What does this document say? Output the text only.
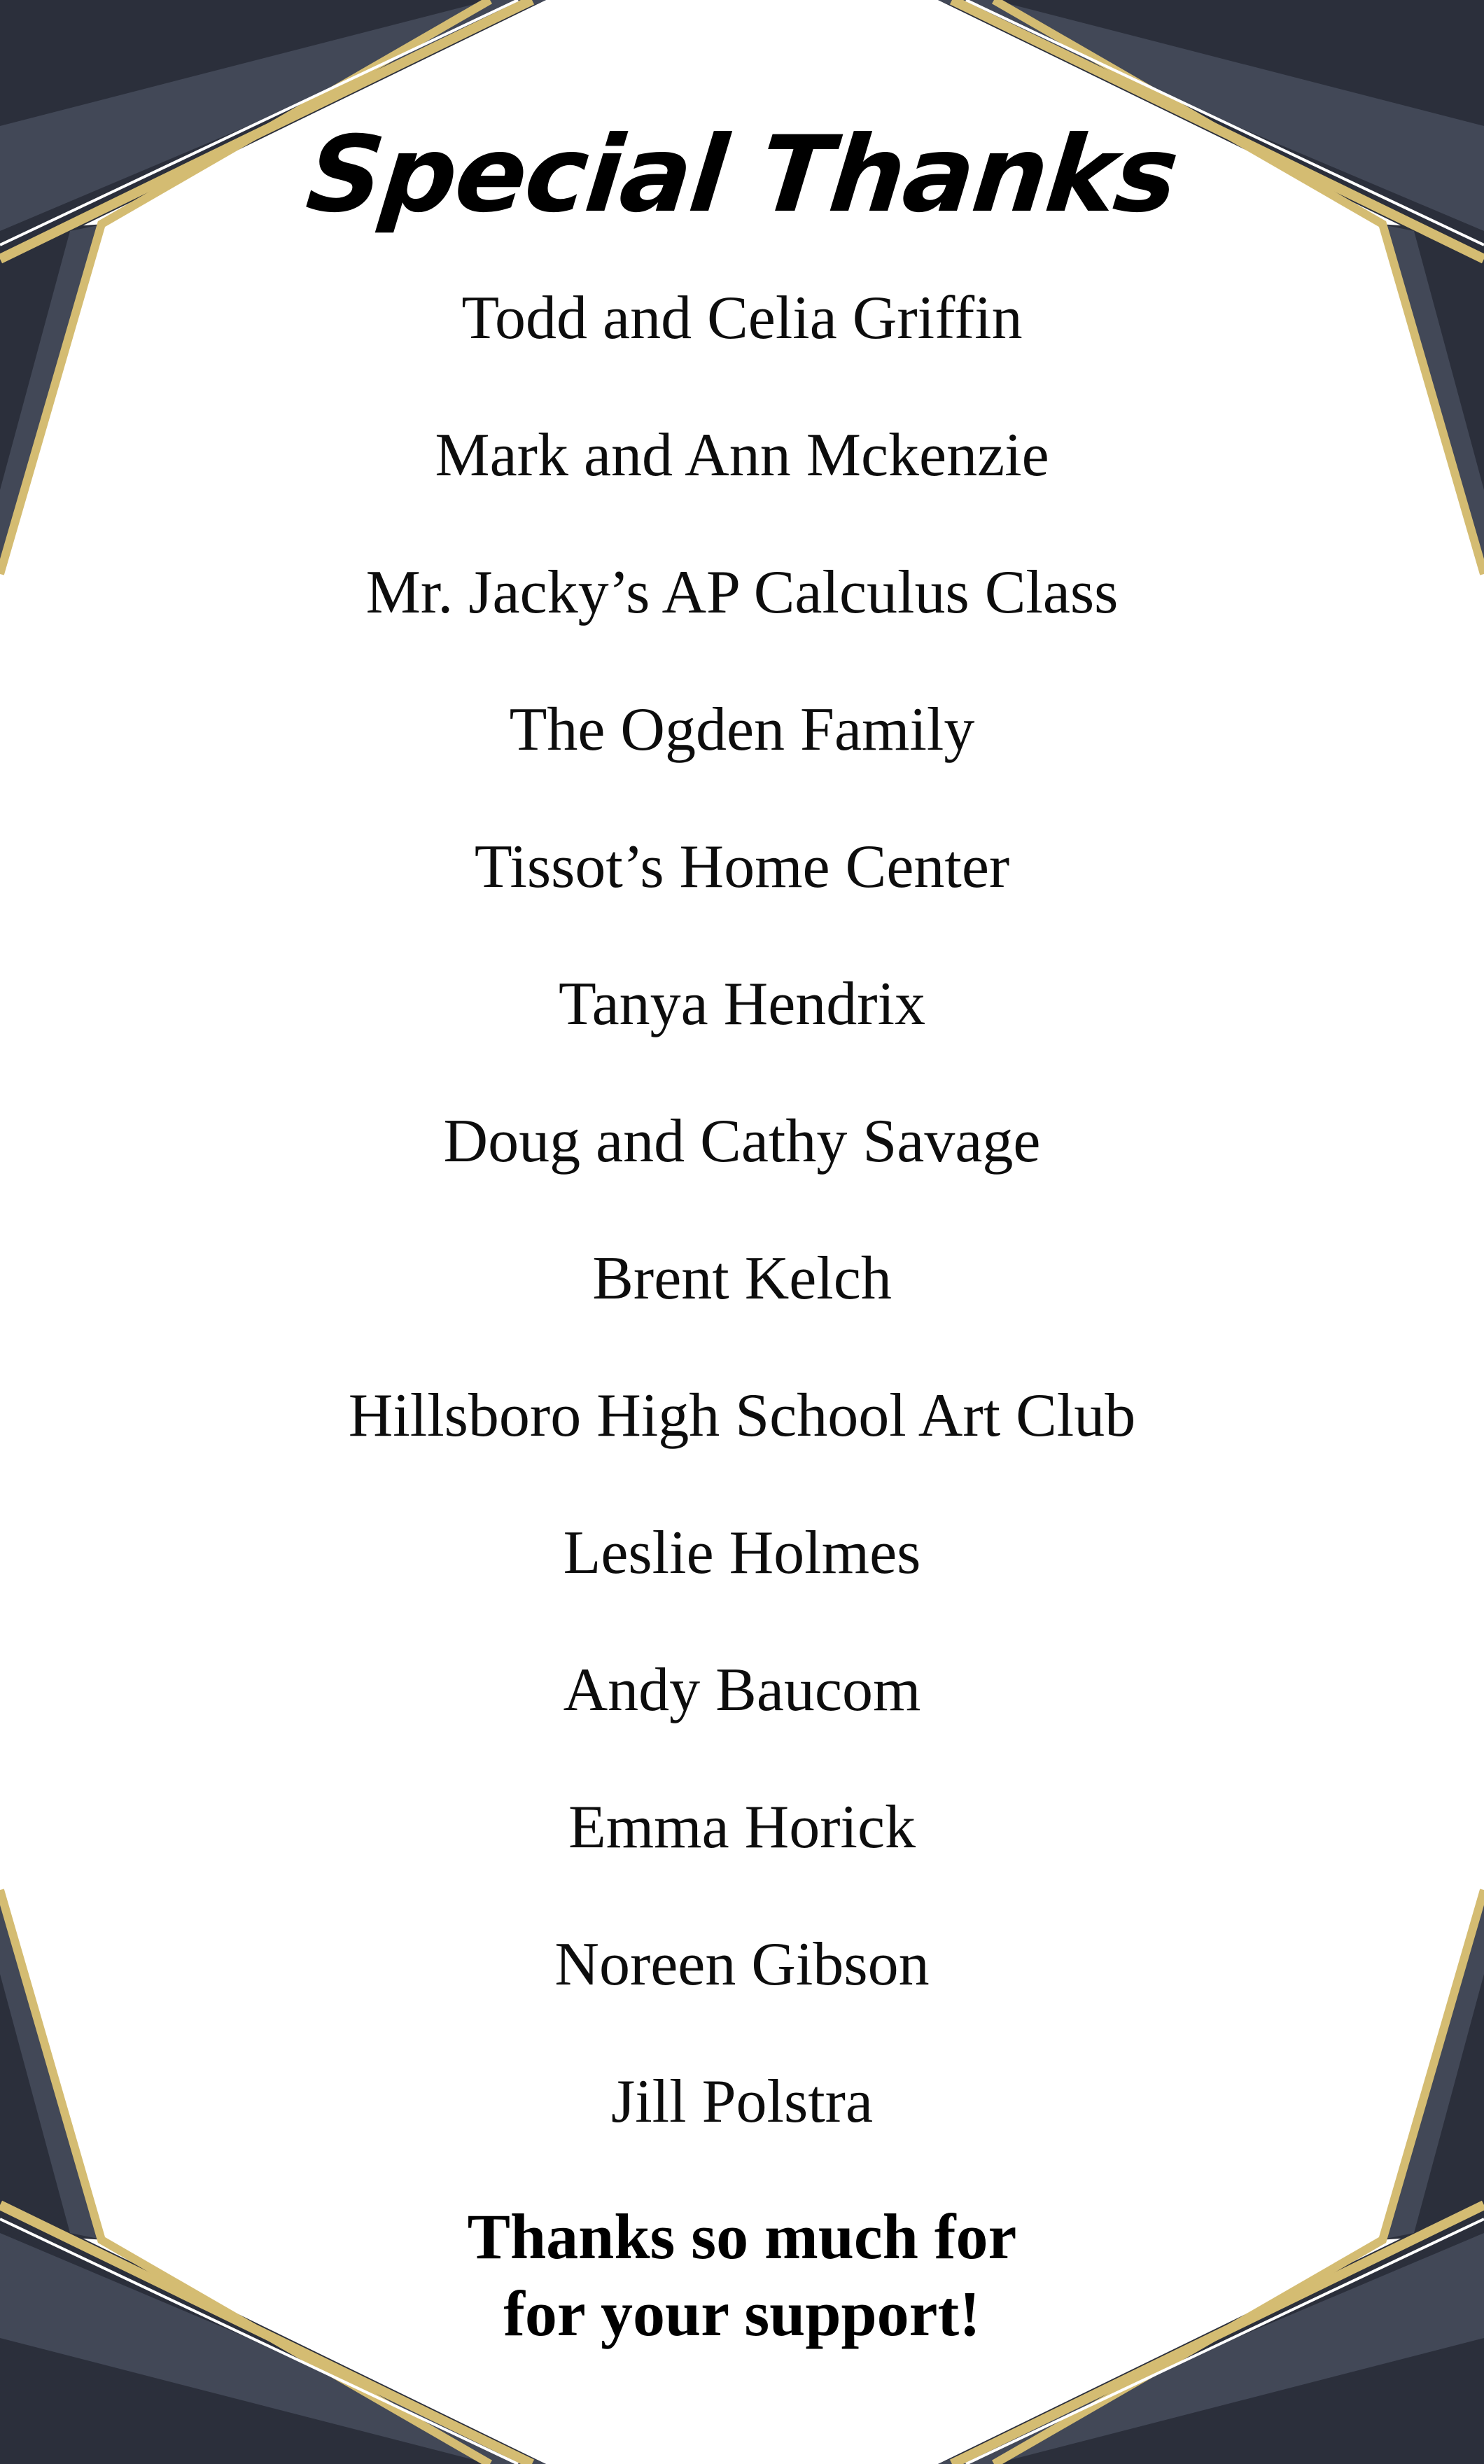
Special Thanks
Todd and Celia Griffin
Mark and Ann Mckenzie
Mr. Jacky’s AP Calculus Class
The Ogden Family
Tissot’s Home Center
Tanya Hendrix
Doug and Cathy Savage
Brent Kelch
Hillsboro High School Art Club
Leslie Holmes
Andy Baucom
Emma Horick
Noreen Gibson
Jill Polstra
Thanks so much for
for your support!
